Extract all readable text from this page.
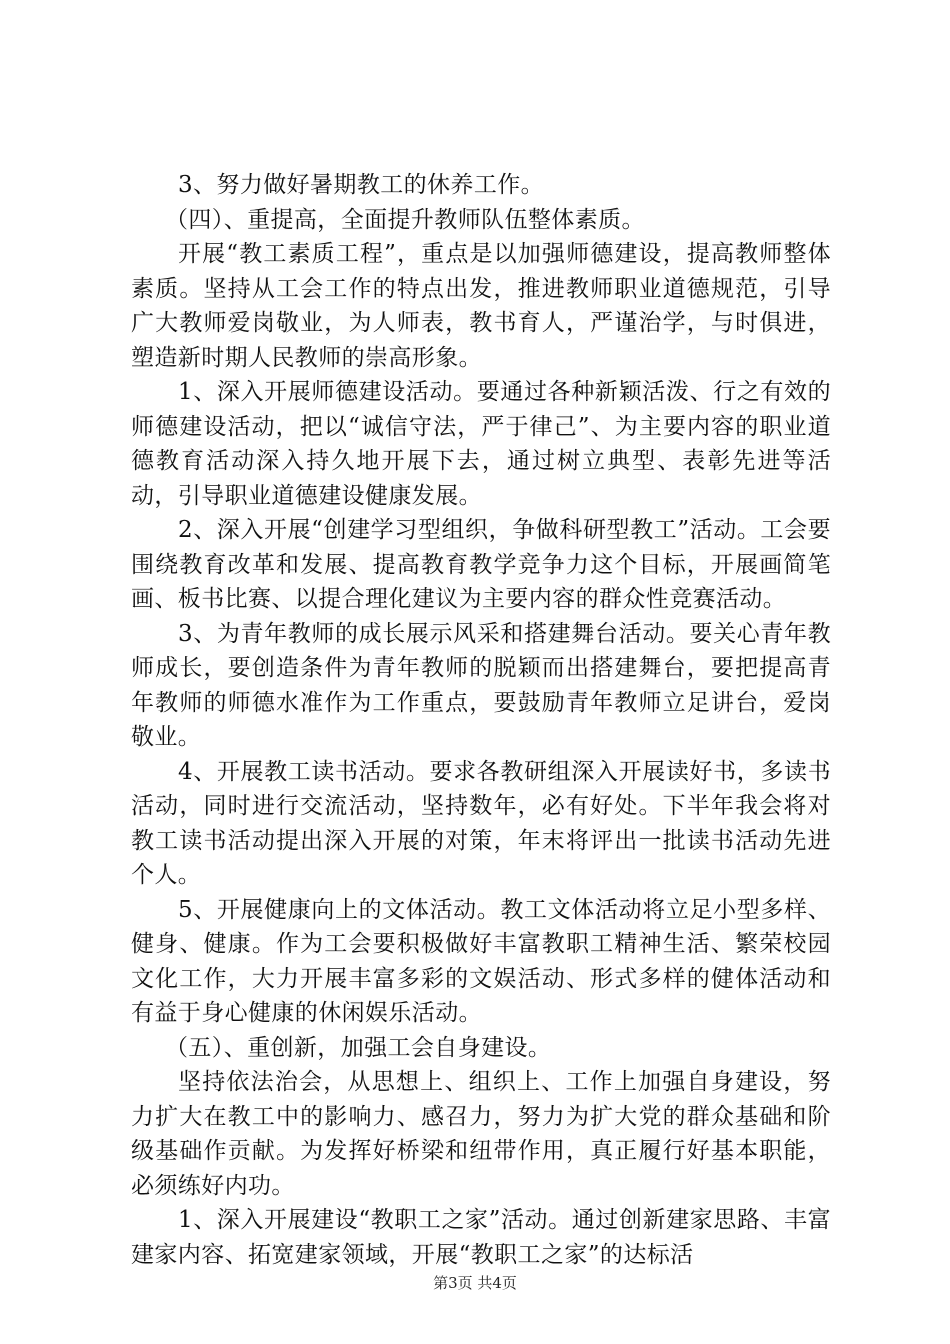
3、努力做好暑期教工的休养工作。

（四）、重提高，全面提升教师队伍整体素质。

开展“教工素质工程”，重点是以加强师德建设，提高教师整体素质。坚持从工会工作的特点出发，推进教师职业道德规范，引导广大教师爱岗敬业，为人师表，教书育人，严谨治学，与时俱进，塑造新时期人民教师的崇高形象。

1、深入开展师德建设活动。要通过各种新颖活泼、行之有效的师德建设活动，把以“诚信守法，严于律己”、为主要内容的职业道德教育活动深入持久地开展下去，通过树立典型、表彰先进等活动，引导职业道德建设健康发展。

2、深入开展“创建学习型组织，争做科研型教工”活动。工会要围绕教育改革和发展、提高教育教学竞争力这个目标，开展画简笔画、板书比赛、以提合理化建议为主要内容的群众性竞赛活动。

3、为青年教师的成长展示风采和搭建舞台活动。要关心青年教师成长，要创造条件为青年教师的脱颖而出搭建舞台，要把提高青年教师的师德水准作为工作重点，要鼓励青年教师立足讲台，爱岗敬业。

4、开展教工读书活动。要求各教研组深入开展读好书，多读书活动，同时进行交流活动，坚持数年，必有好处。下半年我会将对教工读书活动提出深入开展的对策，年末将评出一批读书活动先进个人。

5、开展健康向上的文体活动。教工文体活动将立足小型多样、健身、健康。作为工会要积极做好丰富教职工精神生活、繁荣校园文化工作，大力开展丰富多彩的文娱活动、形式多样的健体活动和有益于身心健康的休闲娱乐活动。

（五）、重创新，加强工会自身建设。

坚持依法治会，从思想上、组织上、工作上加强自身建设，努力扩大在教工中的影响力、感召力，努力为扩大党的群众基础和阶级基础作贡献。为发挥好桥梁和纽带作用，真正履行好基本职能，必须练好内功。

1、深入开展建设“教职工之家”活动。通过创新建家思路、丰富建家内容、拓宽建家领域，开展“教职工之家”的达标活

第3页 共4页
